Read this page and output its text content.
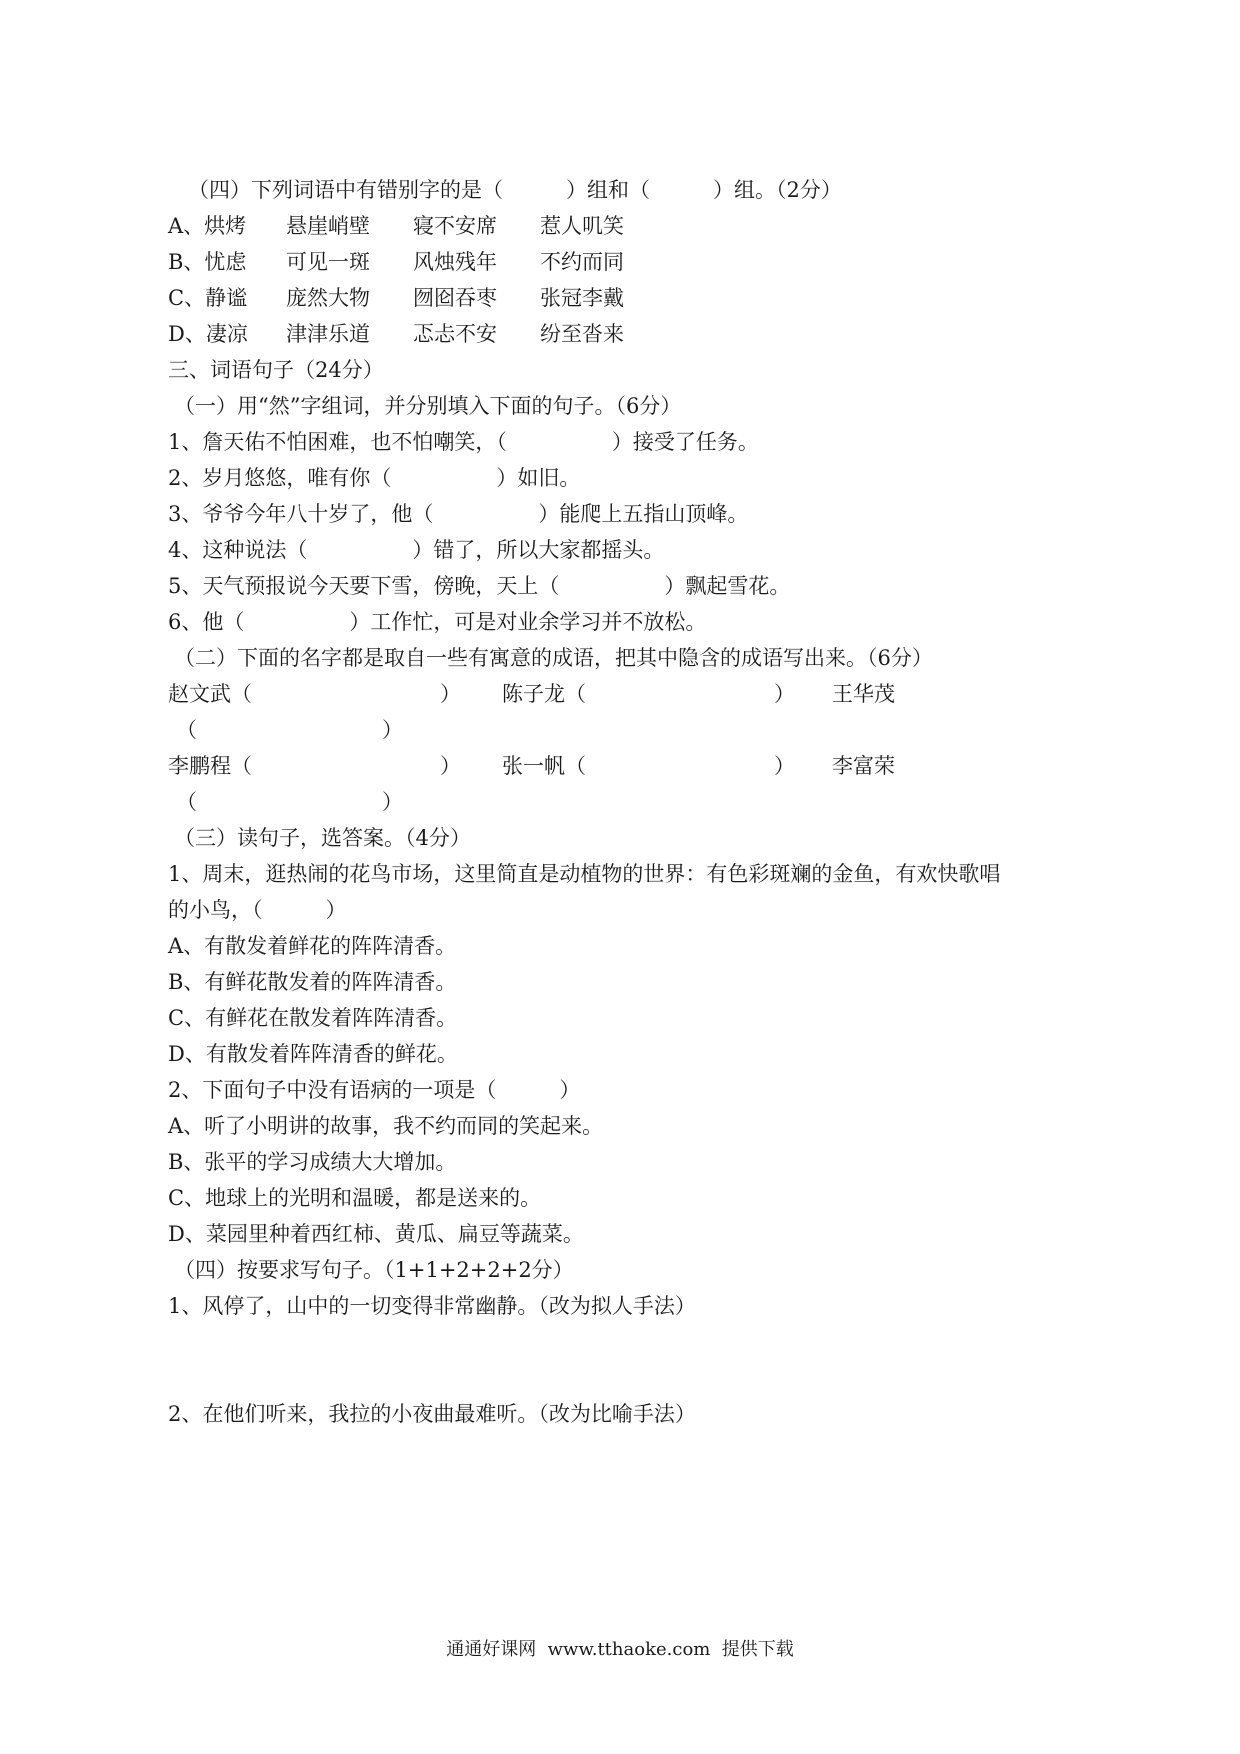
（四）下列词语中有错别字的是（　　　）组和（　　　）组。（2分）
A、烘烤 悬崖峭壁 寝不安席 惹人叽笑
B、忧虑 可见一斑 风烛残年 不约而同
C、静谧 庞然大物 囫囵吞枣 张冠李戴
D、凄凉 津津乐道 忑忐不安 纷至沓来
三、词语句子（24分）
（一）用“然”字组词，并分别填入下面的句子。（6分）
1、詹天佑不怕困难，也不怕嘲笑，（　　　　　）接受了任务。
2、岁月悠悠，唯有你（　　　　　）如旧。
3、爷爷今年八十岁了，他（　　　　　）能爬上五指山顶峰。
4、这种说法（　　　　　）错了，所以大家都摇头。
5、天气预报说今天要下雪，傍晚，天上（　　　　　）飘起雪花。
6、他（　　　　　）工作忙，可是对业余学习并不放松。
（二）下面的名字都是取自一些有寓意的成语，把其中隐含的成语写出来。（6分）
赵文武（	） 陈子龙（	） 王华茂
（	）
李鹏程（	） 张一帆（	） 李富荣
（	）
（三）读句子，选答案。（4分）
1、周末，逛热闹的花鸟市场，这里简直是动植物的世界：有色彩斑斓的金鱼，有欢快歌唱
的小鸟，（　　　）
A、有散发着鲜花的阵阵清香。
B、有鲜花散发着的阵阵清香。
C、有鲜花在散发着阵阵清香。
D、有散发着阵阵清香的鲜花。
2、下面句子中没有语病的一项是（　　　）
A、听了小明讲的故事，我不约而同的笑起来。
B、张平的学习成绩大大增加。
C、地球上的光明和温暖，都是送来的。
D、菜园里种着西红柿、黄瓜、扁豆等蔬菜。
（四）按要求写句子。（1+1+2+2+2分）
1、风停了，山中的一切变得非常幽静。（改为拟人手法）
2、在他们听来，我拉的小夜曲最难听。（改为比喻手法）
通通好课网  www.tthaoke.com  提供下载
